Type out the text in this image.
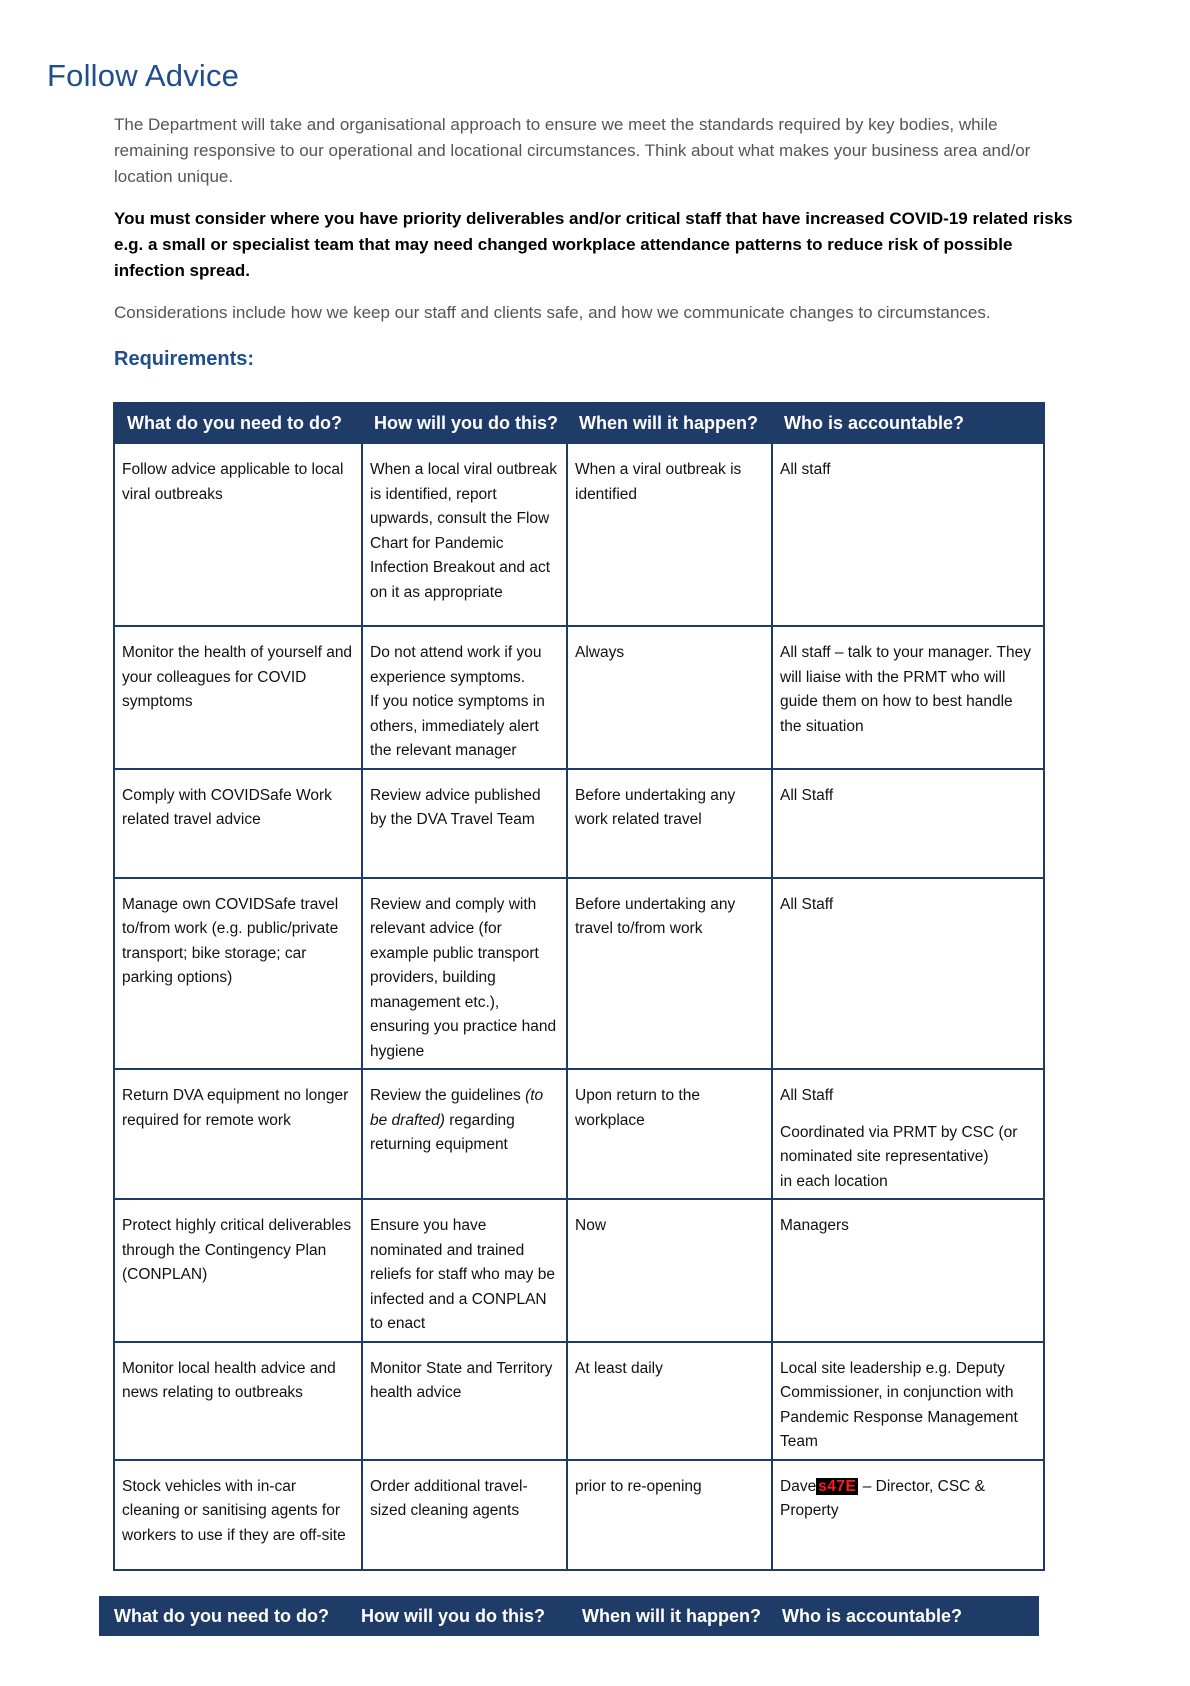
Follow Advice

The Department will take and organisational approach to ensure we meet the standards required by key bodies, while remaining responsive to our operational and locational circumstances. Think about what makes your business area and/or location unique.

You must consider where you have priority deliverables and/or critical staff that have increased COVID-19 related risks e.g. a small or specialist team that may need changed workplace attendance patterns to reduce risk of possible infection spread.

Considerations include how we keep our staff and clients safe, and how we communicate changes to circumstances.

Requirements:
What do you need to do?	How will you do this?	When will it happen?	Who is accountable?
Follow advice applicable to local viral outbreaks	When a local viral outbreak is identified, report upwards, consult the Flow Chart for Pandemic Infection Breakout and act on it as appropriate	When a viral outbreak is identified	All staff
Monitor the health of yourself and your colleagues for COVID symptoms	Do not attend work if you experience symptoms.
If you notice symptoms in others, immediately alert the relevant manager	Always	All staff – talk to your manager. They will liaise with the PRMT who will guide them on how to best handle the situation
Comply with COVIDSafe Work related travel advice	Review advice published by the DVA Travel Team	Before undertaking any work related travel	All Staff
Manage own COVIDSafe travel to/from work (e.g. public/private transport; bike storage; car parking options)	Review and comply with relevant advice (for example public transport providers, building management etc.), ensuring you practice hand hygiene	Before undertaking any travel to/from work	All Staff
Return DVA equipment no longer required for remote work	Review the guidelines (to be drafted) regarding returning equipment	Upon return to the workplace	All Staff
Coordinated via PRMT by CSC (or nominated site representative)
in each location

Protect highly critical deliverables through the Contingency Plan (CONPLAN)	Ensure you have nominated and trained reliefs for staff who may be infected and a CONPLAN to enact	Now	Managers
Monitor local health advice and news relating to outbreaks	Monitor State and Territory health advice	At least daily	Local site leadership e.g. Deputy Commissioner, in conjunction with Pandemic Response Management Team
Stock vehicles with in-car cleaning or sanitising agents for workers to use if they are off-site	Order additional travel-sized cleaning agents	prior to re-opening	Dave s47E – Director, CSC & Property
What do you need to do? How will you do this? When will it happen? Who is accountable?
